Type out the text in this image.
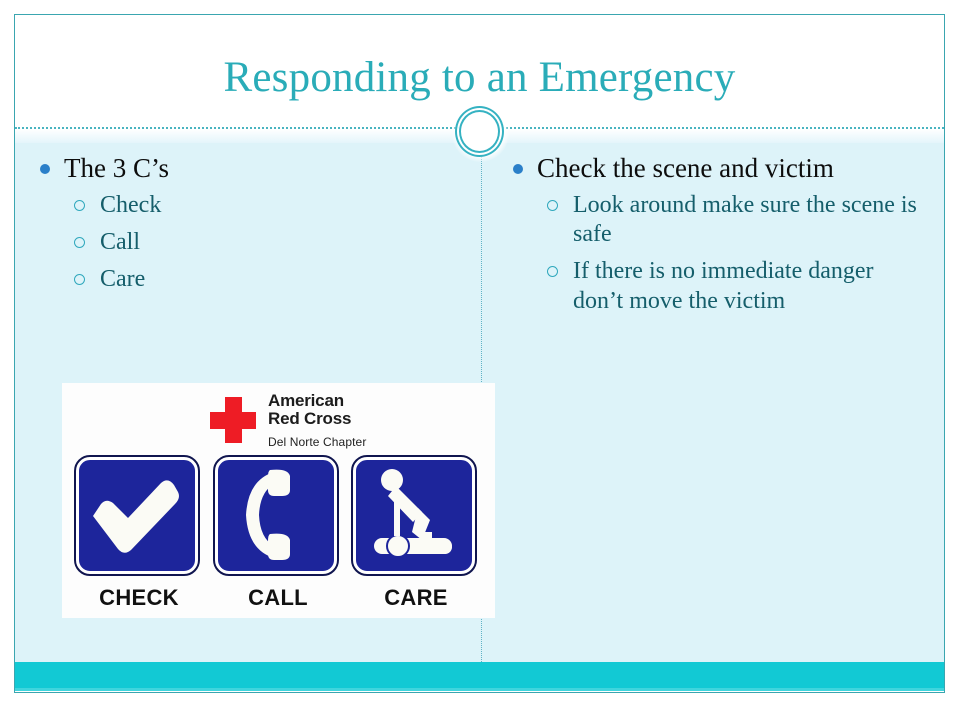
Responding to an Emergency
The 3 C’s
Check
Call
Care
Check the scene and victim
Look around make sure the scene is safe
If there is no immediate danger don’t move the victim
American
Red Cross
Del Norte Chapter
CHECK	CALL	CARE
